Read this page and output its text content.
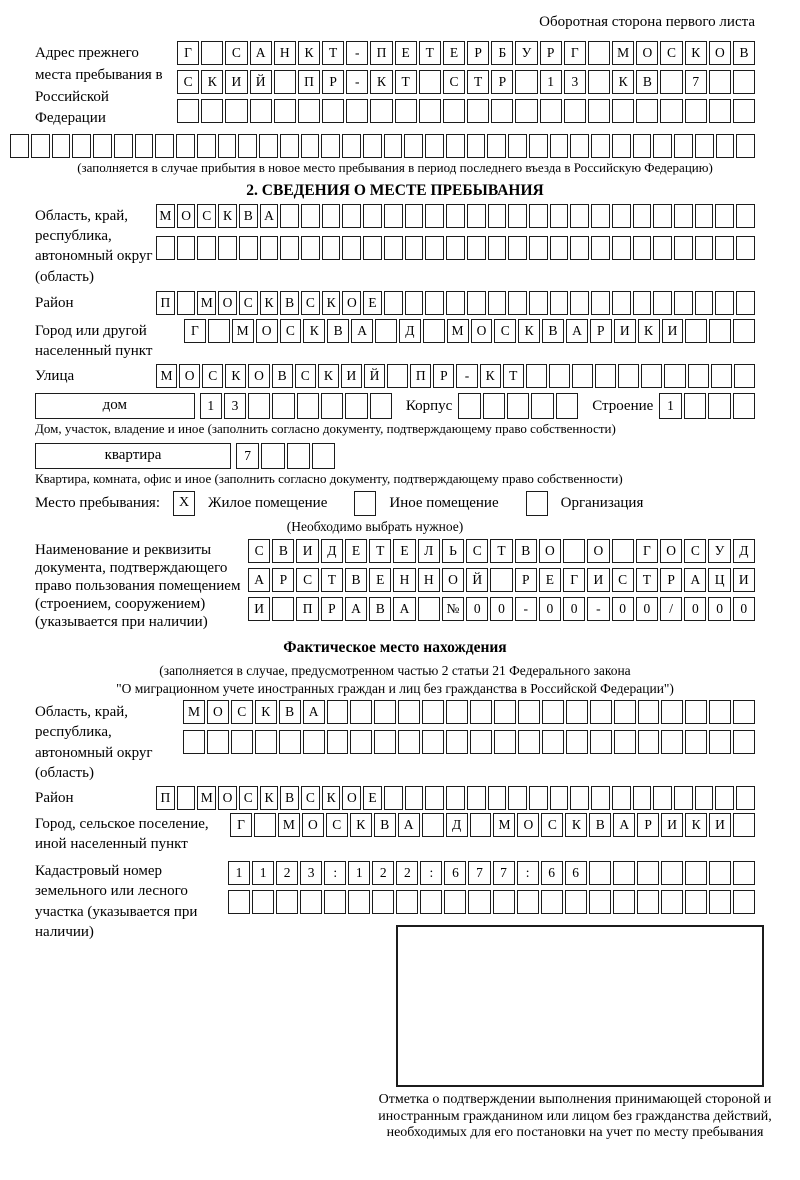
Оборотная сторона первого листа
Адрес прежнего места пребывания в Российской Федерации
Г	С	А	Н	К	Т	-	П	Е	Т	Е	Р	Б	У	Р	Г	М О	С	К	О	В
С	К	И	Й	П	Р	-	К	Т	С	Т	Р	1	3	К	В	7
(заполняется в случае прибытия в новое место пребывания в период последнего въезда в Российскую Федерацию)
2. СВЕДЕНИЯ О МЕСТЕ ПРЕБЫВАНИЯ
Область, край, республика, автономный округ (область)
М О С К В А
Район	П	М О С К В С К О Е
Город или другой населенный пункт
Г	М О	С	К	В	А	Д	М О	С	К	В	А	Р	И	К	И
Улица	М О	С	К	О	В	С	К	И Й	П	Р	-	К	Т
дом	1	3	Корпус	Строение	1
Дом, участок, владение и иное (заполнить согласно документу, подтверждающему право собственности)
квартира	7
Квартира, комната, офис и иное (заполнить согласно документу, подтверждающему право собственности)
Место пребывания:	X	Жилое помещение	Иное помещение	Организация
(Необходимо выбрать нужное)
Наименование и реквизиты документа, подтверждающего право пользования помещением (строением, сооружением) (указывается при наличии)
С	В	И	Д	Е	Т	Е	Л	Ь	С	Т	В	О	О	Г	О	С	У	Д
А	Р	С	Т	В	Е	Н	Н	О	Й	Р	Е	Г	И	С	Т	Р	А	Ц	И
И	П	Р	А	В	А	№	0	0	-	0	0	-	0	0	/	0	0	0
Фактическое место нахождения
(заполняется в случае, предусмотренном частью 2 статьи 21 Федерального закона
"О миграционном учете иностранных граждан и лиц без гражданства в Российской Федерации")
Область, край, республика, автономный округ (область)
М О	С	К	В	А
Район	П	М О С К В С К О Е
Город, сельское поселение, иной населенный пункт
Г	М О	С	К	В	А	Д	М О	С	К	В	А	Р	И	К	И
Кадастровый номер земельного или лесного участка (указывается при наличии)
1	1	2	3	:	1	2	2	:	6	7	7	:	6	6
Отметка о подтверждении выполнения принимающей стороной и иностранным гражданином или лицом без гражданства действий, необходимых для его постановки на учет по месту пребывания
